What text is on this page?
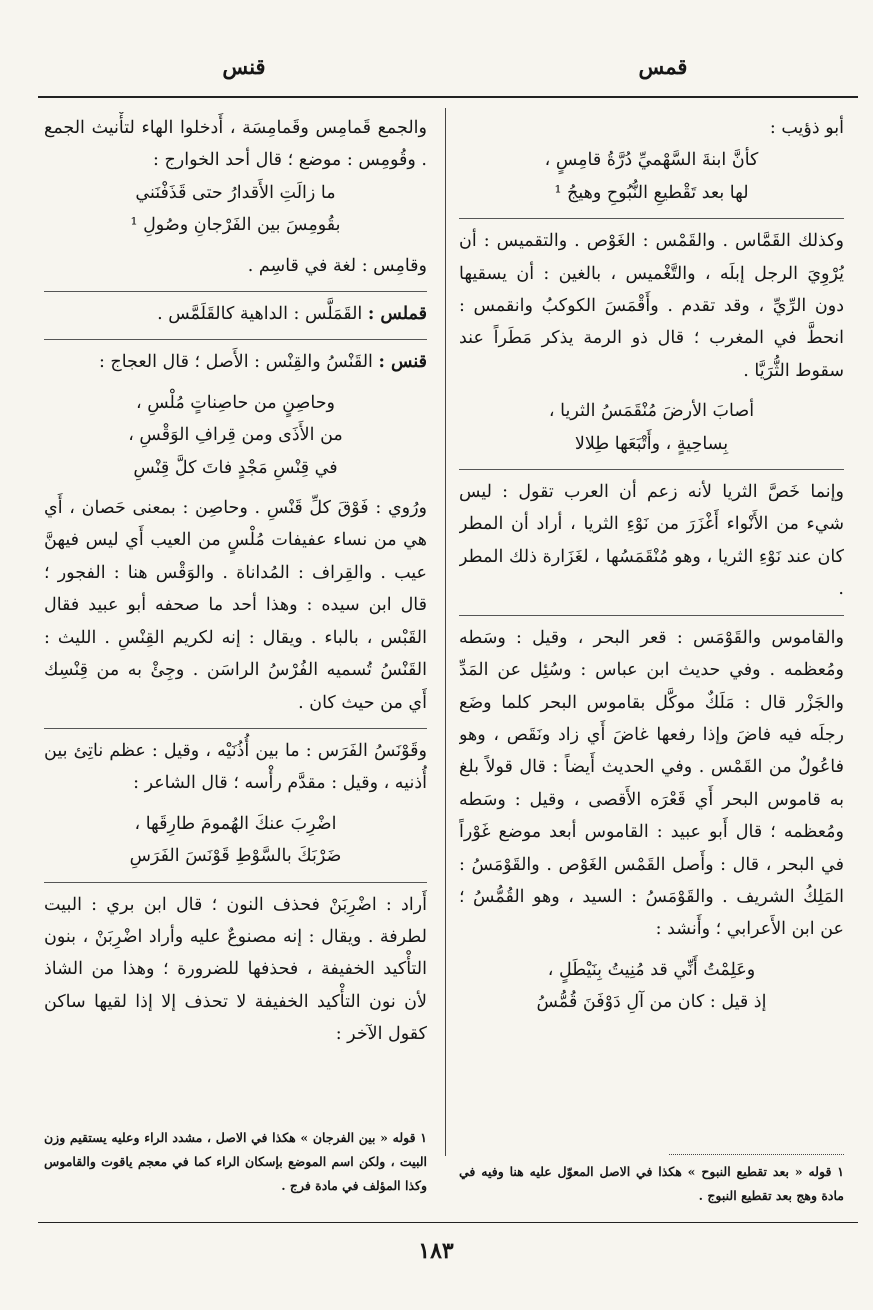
قمس
قنس

أبو ذؤيب :

كأنَّ ابنةَ السَّهْميِّ دُرَّةُ قامِسٍ ،

لها بعد تَقْطيعِ النُّبُوحِ وهيجُ ¹

وكذلك القَمَّاس . والقَمْس : الغَوْص . والتقميس : أن يُرْوِيَ الرجل إبلَه ، والتَّغْميس ، بالغين : أن يسقيها دون الرِّيِّ ، وقد تقدم . وأَقْمَسَ الكوكبُ وانقمس : انحطَّ في المغرب ؛ قال ذو الرمة يذكر مَطَراً عند سقوط الثُّرَيَّا .

أصابَ الأرضَ مُنْقَمَسُ الثريا ،

بِساحِيةٍ ، وأَتْبَعَها طِلالا

وإنما خَصَّ الثريا لأنه زعم أن العرب تقول : ليس شيء من الأَنْواء أَغْزَرَ من نَوْءِ الثريا ، أراد أن المطر كان عند نَوْءِ الثريا ، وهو مُنْقَمَسُها ، لغَزَارة ذلك المطر .

والقاموس والقَوْمَس : قعر البحر ، وقيل : وسَطه ومُعظمه . وفي حديث ابن عباس : وسُئِل عن المَدِّ والجَزْر قال : مَلَكٌ موكَّل بقاموس البحر كلما وضَع رجلَه فيه فاضَ وإذا رفعها غاضَ أَي زاد ونَقَص ، وهو فاعُولٌ من القَمْس . وفي الحديث أَيضاً : قال قولاً بلغ به قاموس البحر أَي قَعْرَه الأَقصى ، وقيل : وسَطه ومُعظمه ؛ قال أَبو عبيد : القاموس أبعد موضع غَوْراً في البحر ، قال : وأَصل القَمْس الغَوْص . والقَوْمَسُ : المَلِكُ الشريف . والقَوْمَسُ : السيد ، وهو القُمُّسُ ؛ عن ابن الأَعرابي ؛ وأَنشد :

وعَلِمْتُ أَنِّي قد مُنِيتُ بِنَيْطَلٍ ،

إذ قيل : كان من آلِ دَوْفَنَ قُمُّسُ

والجمع قَمامِس وقَمامِسَة ، أَدخلوا الهاء لتأْنيث الجمع . وقُومِس : موضع ؛ قال أحد الخوارج :

ما زالَتِ الأَقدارُ حتى قَذَفْنَني

بقُومِسَ بين الفَرْجانِ وصُولِ ¹

وقامِس : لغة في قاسِم .

قملس : القَمَلَّس : الداهية كالقَلَمَّس .

قنس : القَنْسُ والقِنْس : الأَصل ؛ قال العجاج :

وحاصِنٍ من حاصِناتٍ مُلْسِ ،

من الأَذَى ومن قِرافِ الوَقْسِ ،

في قِنْسِ مَجْدٍ فاتَ كلَّ قِنْسِ

ورُوي : فَوْقَ كلِّ قَنْسِ . وحاصِن : بمعنى حَصان ، أَي هي من نساء عفيفات مُلْسٍ من العيب أَي ليس فيهنَّ عيب . والقِراف : المُداناة . والوَقْس هنا : الفجور ؛ قال ابن سيده : وهذا أحد ما صحفه أبو عبيد فقال القَبْس ، بالباء . ويقال : إنه لكريم القِنْسِ . الليث : القَنْسُ تُسميه الفُرْسُ الراسَن . وجِئْ به من قِنْسِك أَي من حيث كان .

وقَوْنَسُ الفَرَس : ما بين أُذُنَيْه ، وقيل : عظم ناتِئ بين أُذنيه ، وقيل : مقدَّم رأْسه ؛ قال الشاعر :

اضْرِبَ عنكَ الهُمومَ طارِقَها ،

ضَرْبَكَ بالسَّوْطِ قَوْنَسَ الفَرَسِ

أَراد : اضْرِبَنْ فحذف النون ؛ قال ابن بري : البيت لطرفة . ويقال : إنه مصنوعٌ عليه وأراد اضْرِبَنْ ، بنون التأْكيد الخفيفة ، فحذفها للضرورة ؛ وهذا من الشاذ لأن نون التأْكيد الخفيفة لا تحذف إلا إذا لقيها ساكن كقول الآخر :

١ قوله « بعد تقطيع النبوح » هكذا في الاصل المعوّل عليه هنا وفيه في مادة وهج بعد تقطيع النبوج .
١ قوله « بين الفرجان » هكذا في الاصل ، مشدد الراء وعليه يستقيم وزن البيت ، ولكن اسم الموضع بإسكان الراء كما في معجم ياقوت والقاموس وكذا المؤلف في مادة فرج .
١٨٣
